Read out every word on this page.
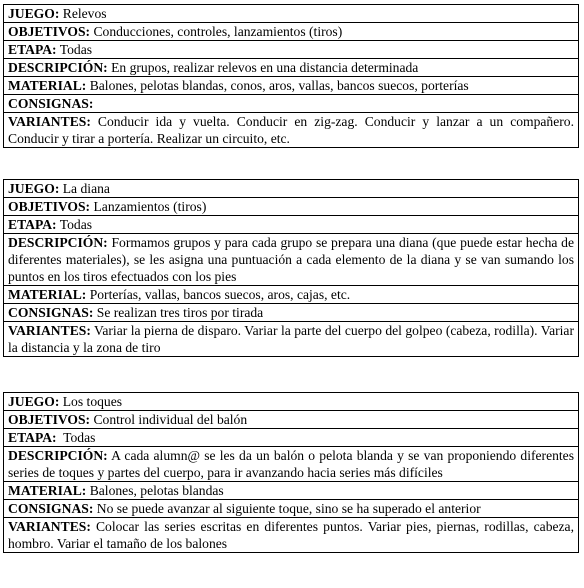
JUEGO: Relevos
OBJETIVOS: Conducciones, controles, lanzamientos (tiros)
ETAPA: Todas
DESCRIPCIÓN: En grupos, realizar relevos en una distancia determinada
MATERIAL: Balones, pelotas blandas, conos, aros, vallas, bancos suecos, porterías
CONSIGNAS:
VARIANTES: Conducir ida y vuelta. Conducir en zig-zag. Conducir y lanzar a un compañero. Conducir y tirar a portería. Realizar un circuito, etc.
JUEGO: La diana
OBJETIVOS: Lanzamientos (tiros)
ETAPA: Todas
DESCRIPCIÓN: Formamos grupos y para cada grupo se prepara una diana (que puede estar hecha de diferentes materiales), se les asigna una puntuación a cada elemento de la diana y se van sumando los puntos en los tiros efectuados con los pies
MATERIAL: Porterías, vallas, bancos suecos, aros, cajas, etc.
CONSIGNAS: Se realizan tres tiros por tirada
VARIANTES: Variar la pierna de disparo. Variar la parte del cuerpo del golpeo (cabeza, rodilla). Variar la distancia y la zona de tiro
JUEGO: Los toques
OBJETIVOS: Control individual del balón
ETAPA:  Todas
DESCRIPCIÓN: A cada alumn@ se les da un balón o pelota blanda y se van proponiendo diferentes series de toques y partes del cuerpo, para ir avanzando hacia series más difíciles
MATERIAL: Balones, pelotas blandas
CONSIGNAS: No se puede avanzar al siguiente toque, sino se ha superado el anterior
VARIANTES: Colocar las series escritas en diferentes puntos. Variar pies, piernas, rodillas, cabeza, hombro. Variar el tamaño de los balones
